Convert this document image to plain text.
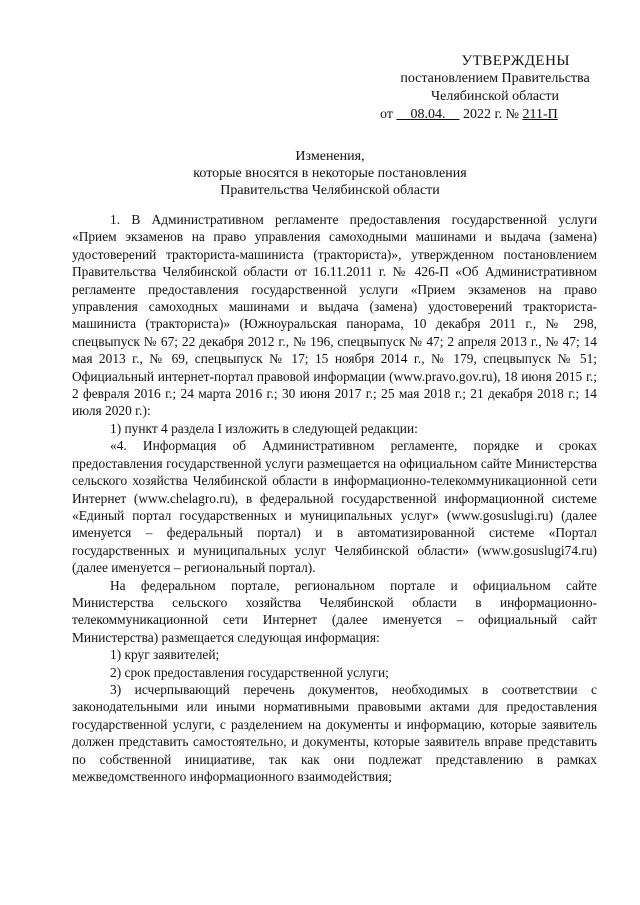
УТВЕРЖДЕНЫ
постановлением Правительства
Челябинской области
от 08.04. 2022 г. № 211-П
Изменения,
которые вносятся в некоторые постановления
Правительства Челябинской области

1. В Административном регламенте предоставления государственной услуги «Прием экзаменов на право управления самоходными машинами и выдача (замена) удостоверений тракториста-машиниста (тракториста)», утвержденном постановлением Правительства Челябинской области от 16.11.2011 г. № 426-П «Об Административном регламенте предоставления государственной услуги «Прием экзаменов на право управления самоходных машинами и выдача (замена) удостоверений тракториста-машиниста (тракториста)» (Южноуральская панорама, 10 декабря 2011 г., № 298, спецвыпуск № 67; 22 декабря 2012 г., № 196, спецвыпуск № 47; 2 апреля 2013 г., № 47; 14 мая 2013 г., № 69, спецвыпуск № 17; 15 ноября 2014 г., № 179, спецвыпуск № 51; Официальный интернет-портал правовой информации (www.pravo.gov.ru), 18 июня 2015 г.; 2 февраля 2016 г.; 24 марта 2016 г.; 30 июня 2017 г.; 25 мая 2018 г.; 21 декабря 2018 г.; 14 июля 2020 г.):

1) пункт 4 раздела I изложить в следующей редакции:

«4. Информация об Административном регламенте, порядке и сроках предоставления государственной услуги размещается на официальном сайте Министерства сельского хозяйства Челябинской области в информационно-телекоммуникационной сети Интернет (www.chelagro.ru), в федеральной государственной информационной системе «Единый портал государственных и муниципальных услуг» (www.gosuslugi.ru) (далее именуется – федеральный портал) и в автоматизированной системе «Портал государственных и муниципальных услуг Челябинской области» (www.gosuslugi74.ru) (далее именуется – региональный портал).

На федеральном портале, региональном портале и официальном сайте Министерства сельского хозяйства Челябинской области в информационно-телекоммуникационной сети Интернет (далее именуется – официальный сайт Министерства) размещается следующая информация:

1) круг заявителей;

2) срок предоставления государственной услуги;

3) исчерпывающий перечень документов, необходимых в соответствии с законодательными или иными нормативными правовыми актами для предоставления государственной услуги, с разделением на документы и информацию, которые заявитель должен представить самостоятельно, и документы, которые заявитель вправе представить по собственной инициативе, так как они подлежат представлению в рамках межведомственного информационного взаимодействия;
